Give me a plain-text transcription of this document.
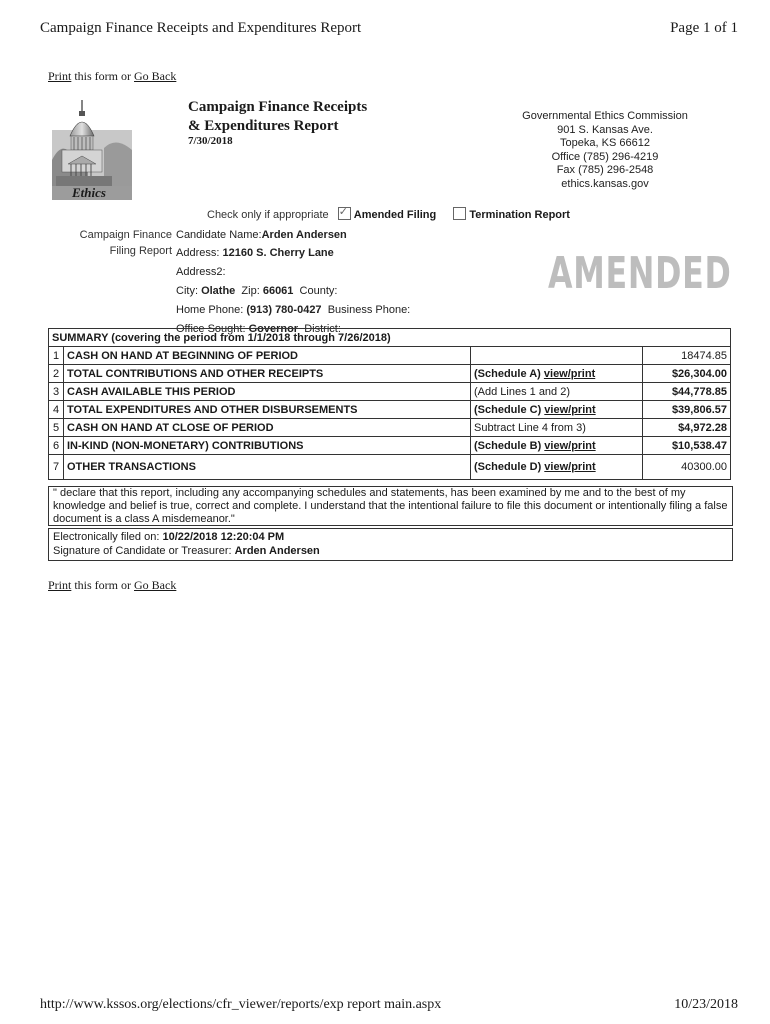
Campaign Finance Receipts and Expenditures Report	Page 1 of 1
Print this form or Go Back
Ethics
Campaign Finance Receipts
& Expenditures Report
7/30/2018
Governmental Ethics Commission
901 S. Kansas Ave.
Topeka, KS 66612
Office (785) 296-4219
Fax (785) 296-2548
ethics.kansas.gov
Check only if appropriate ✓ Amended Filing	Termination Report
Campaign Finance
Filing Report
Candidate Name:Arden Andersen
Address: 12160 S. Cherry Lane
Address2:
City: Olathe Zip: 66061 County:
Home Phone: (913) 780-0427 Business Phone:
Office Sought: Governor District:
AMENDED
SUMMARY (covering the period from 1/1/2018 through 7/26/2018)			
1	CASH ON HAND AT BEGINNING OF PERIOD		18474.85
2	TOTAL CONTRIBUTIONS AND OTHER RECEIPTS	(Schedule A) view/print	$26,304.00
3	CASH AVAILABLE THIS PERIOD	(Add Lines 1 and 2)	$44,778.85
4	TOTAL EXPENDITURES AND OTHER DISBURSEMENTS	(Schedule C) view/print	$39,806.57
5	CASH ON HAND AT CLOSE OF PERIOD	Subtract Line 4 from 3)	$4,972.28
6	IN-KIND (NON-MONETARY) CONTRIBUTIONS	(Schedule B) view/print	$10,538.47
7	OTHER TRANSACTIONS	(Schedule D) view/print	40300.00
" declare that this report, including any accompanying schedules and statements, has been examined by me and to the best of my knowledge and belief is true, correct and complete. I understand that the intentional failure to file this document or intentionally filing a false document is a class A misdemeanor."
Electronically filed on: 10/22/2018 12:20:04 PM
Signature of Candidate or Treasurer: Arden Andersen
Print this form or Go Back
http://www.kssos.org/elections/cfr_viewer/reports/exp report main.aspx	10/23/2018
